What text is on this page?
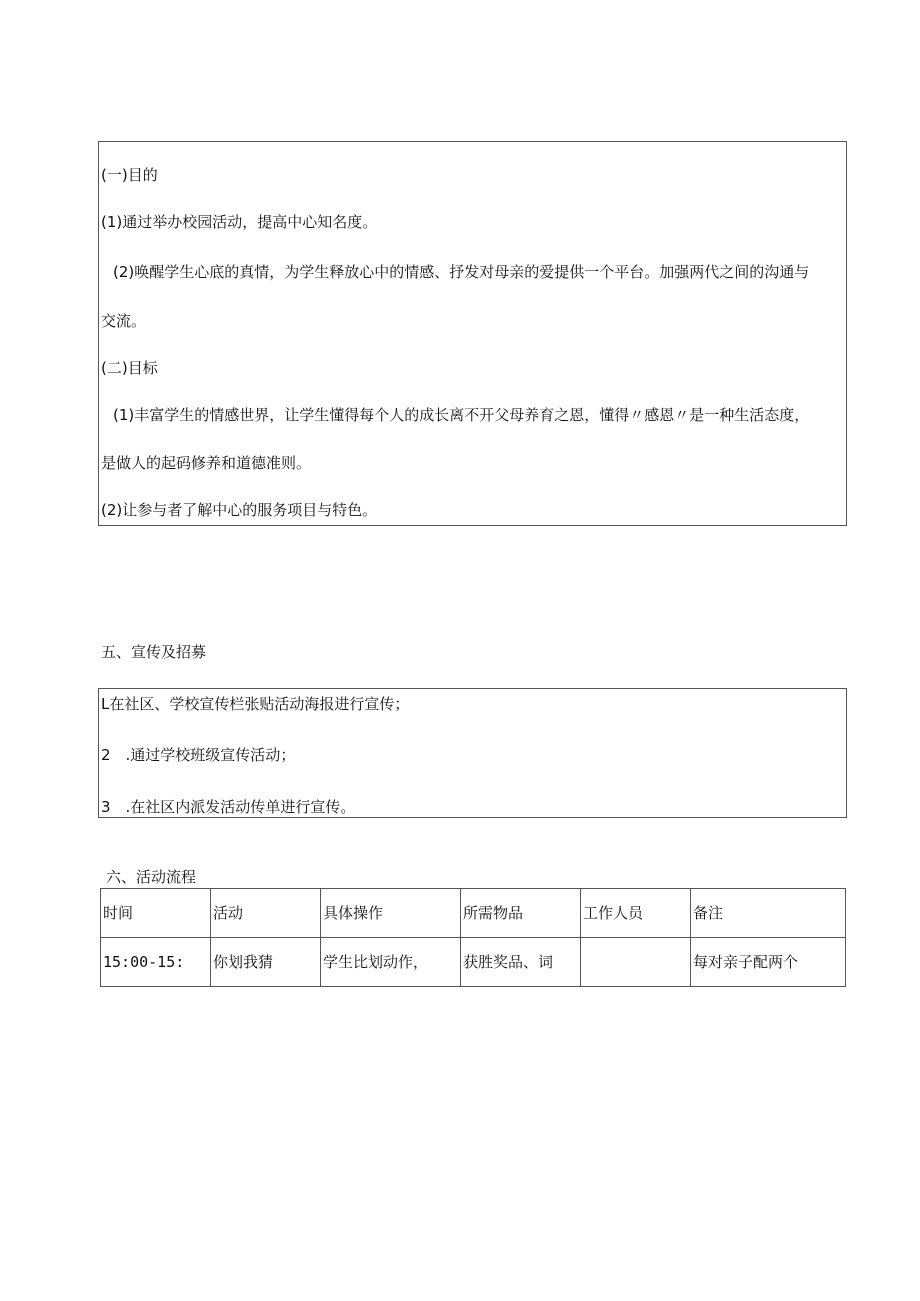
(一)目的
(1)通过举办校园活动，提高中心知名度。
(2)唤醒学生心底的真情，为学生释放心中的情感、抒发对母亲的爱提供一个平台。加强两代之间的沟通与
交流。
(二)目标
(1)丰富学生的情感世界，让学生懂得每个人的成长离不开父母养育之恩，懂得〃感恩〃是一种生活态度，
是做人的起码修养和道德准则。
(2)让参与者了解中心的服务项目与特色。
五、宣传及招募
L在社区、学校宣传栏张贴活动海报进行宣传；
2　.通过学校班级宣传活动；
3　.在社区内派发活动传单进行宣传。
六、活动流程
时间	活动	具体操作	所需物品	工作人员	备注
15:00-15:	你划我猜	学生比划动作，	获胜奖品、词		每对亲子配两个
